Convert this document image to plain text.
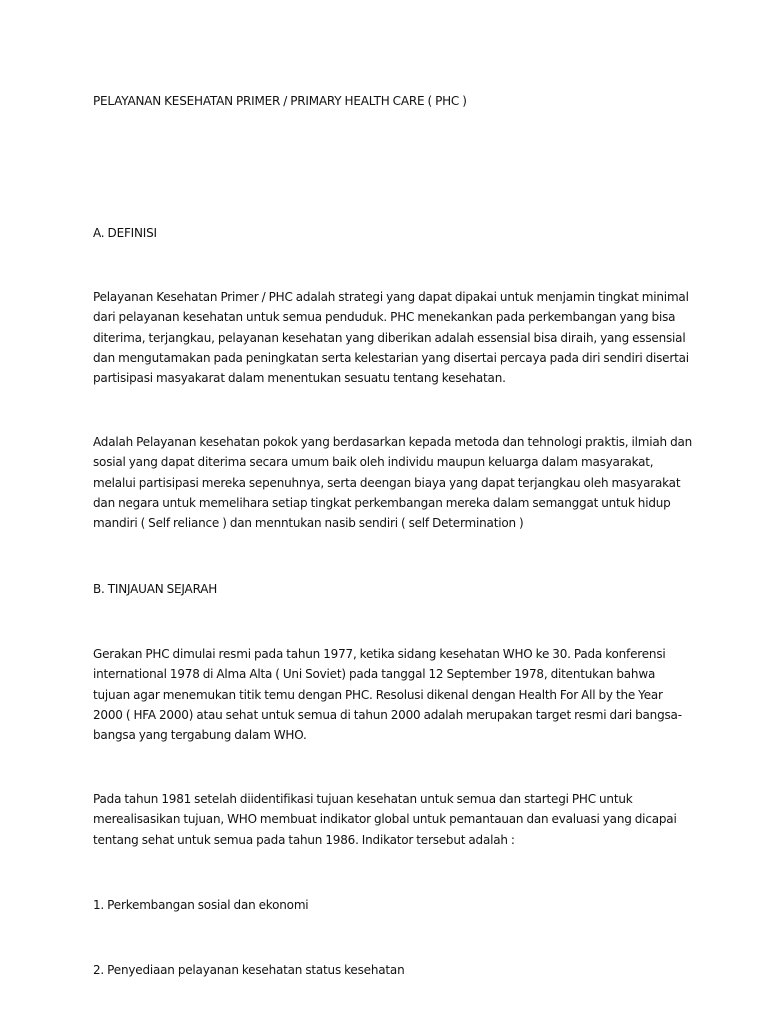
PELAYANAN KESEHATAN PRIMER / PRIMARY HEALTH CARE ( PHC )

A. DEFINISI

Pelayanan Kesehatan Primer / PHC adalah strategi yang dapat dipakai untuk menjamin tingkat minimal dari pelayanan kesehatan untuk semua penduduk. PHC menekankan pada perkembangan yang bisa diterima, terjangkau, pelayanan kesehatan yang diberikan adalah essensial bisa diraih, yang essensial dan mengutamakan pada peningkatan serta kelestarian yang disertai percaya pada diri sendiri disertai partisipasi masyakarat dalam menentukan sesuatu tentang kesehatan.

Adalah Pelayanan kesehatan pokok yang berdasarkan kepada metoda dan tehnologi praktis, ilmiah dan sosial yang dapat diterima secara umum baik oleh individu maupun keluarga dalam masyarakat, melalui partisipasi mereka sepenuhnya, serta deengan biaya yang dapat terjangkau oleh masyarakat dan negara untuk memelihara setiap tingkat perkembangan mereka dalam semanggat untuk hidup mandiri ( Self reliance ) dan menntukan nasib sendiri ( self Determination )

B. TINJAUAN SEJARAH

Gerakan PHC dimulai resmi pada tahun 1977, ketika sidang kesehatan WHO ke 30. Pada konferensi international 1978 di Alma Alta ( Uni Soviet) pada tanggal 12 September 1978, ditentukan bahwa tujuan agar menemukan titik temu dengan PHC. Resolusi dikenal dengan Health For All by the Year 2000 ( HFA 2000) atau sehat untuk semua di tahun 2000 adalah merupakan target resmi dari bangsa-bangsa yang tergabung dalam WHO.

Pada tahun 1981 setelah diidentifikasi tujuan kesehatan untuk semua dan startegi PHC untuk merealisasikan tujuan, WHO membuat indikator global untuk pemantauan dan evaluasi yang dicapai tentang sehat untuk semua pada tahun 1986. Indikator tersebut adalah :

1. Perkembangan sosial dan ekonomi

2. Penyediaan pelayanan kesehatan status kesehatan
